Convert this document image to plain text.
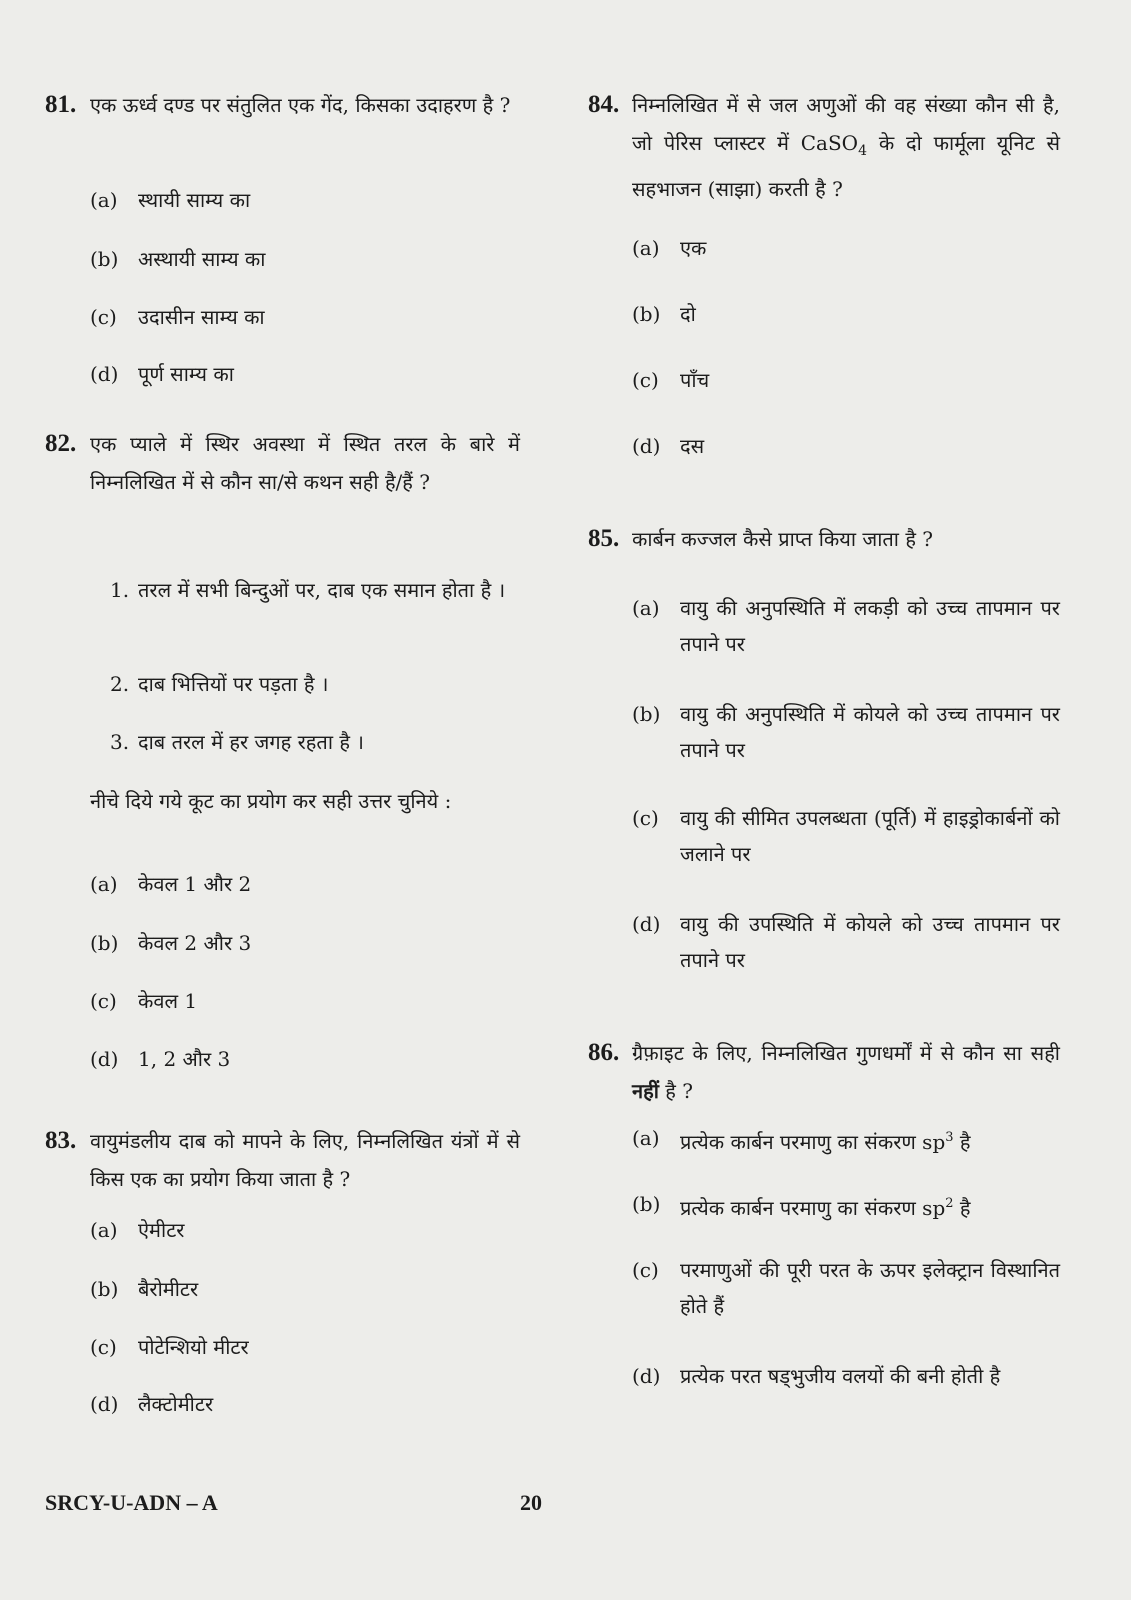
81. एक ऊर्ध्व दण्ड पर संतुलित एक गेंद, किसका उदाहरण है ?
(a)	स्थायी साम्य का
(b) अस्थायी साम्य का
(c)	उदासीन साम्य का
(d) पूर्ण साम्य का
82. एक प्याले में स्थिर अवस्था में स्थित तरल के बारे में निम्नलिखित में से कौन सा/से कथन सही है/हैं ?
1. तरल में सभी बिन्दुओं पर, दाब एक समान होता है ।
2. दाब भित्तियों पर पड़ता है ।
3. दाब तरल में हर जगह रहता है ।
नीचे दिये गये कूट का प्रयोग कर सही उत्तर चुनिये :
(a)	केवल 1 और 2
(b) केवल 2 और 3
(c)	केवल 1
(d) 1, 2 और 3
83. वायुमंडलीय दाब को मापने के लिए, निम्नलिखित यंत्रों में से किस एक का प्रयोग किया जाता है ?
(a)	ऐमीटर
(b) बैरोमीटर
(c)	पोटेन्शियो मीटर
(d) लैक्टोमीटर
84. निम्नलिखित में से जल अणुओं की वह संख्या कौन सी है, जो पेरिस प्लास्टर में CaSO$_4$ के दो फार्मूला यूनिट से सहभाजन (साझा) करती है ?
(a)	एक
(b) दो
(c)	पाँच
(d) दस
85. कार्बन कज्जल कैसे प्राप्त किया जाता है ?
(a)	वायु की अनुपस्थिति में लकड़ी को उच्च तापमान पर तपाने पर
(b) वायु की अनुपस्थिति में कोयले को उच्च तापमान पर तपाने पर
(c)	वायु की सीमित उपलब्धता (पूर्ति) में हाइड्रोकार्बनों को जलाने पर
(d) वायु की उपस्थिति में कोयले को उच्च तापमान पर तपाने पर
86. ग्रैफ़ाइट के लिए, निम्नलिखित गुणधर्मों में से कौन सा सही नहीं है ?
(a)	प्रत्येक कार्बन परमाणु का संकरण $sp^3$ है
(b) प्रत्येक कार्बन परमाणु का संकरण $sp^2$ है
(c)	परमाणुओं की पूरी परत के ऊपर इलेक्ट्रान विस्थानित होते हैं
(d) प्रत्येक परत षड्भुजीय वलयों की बनी होती है
SRCY-U-ADN – A	20
